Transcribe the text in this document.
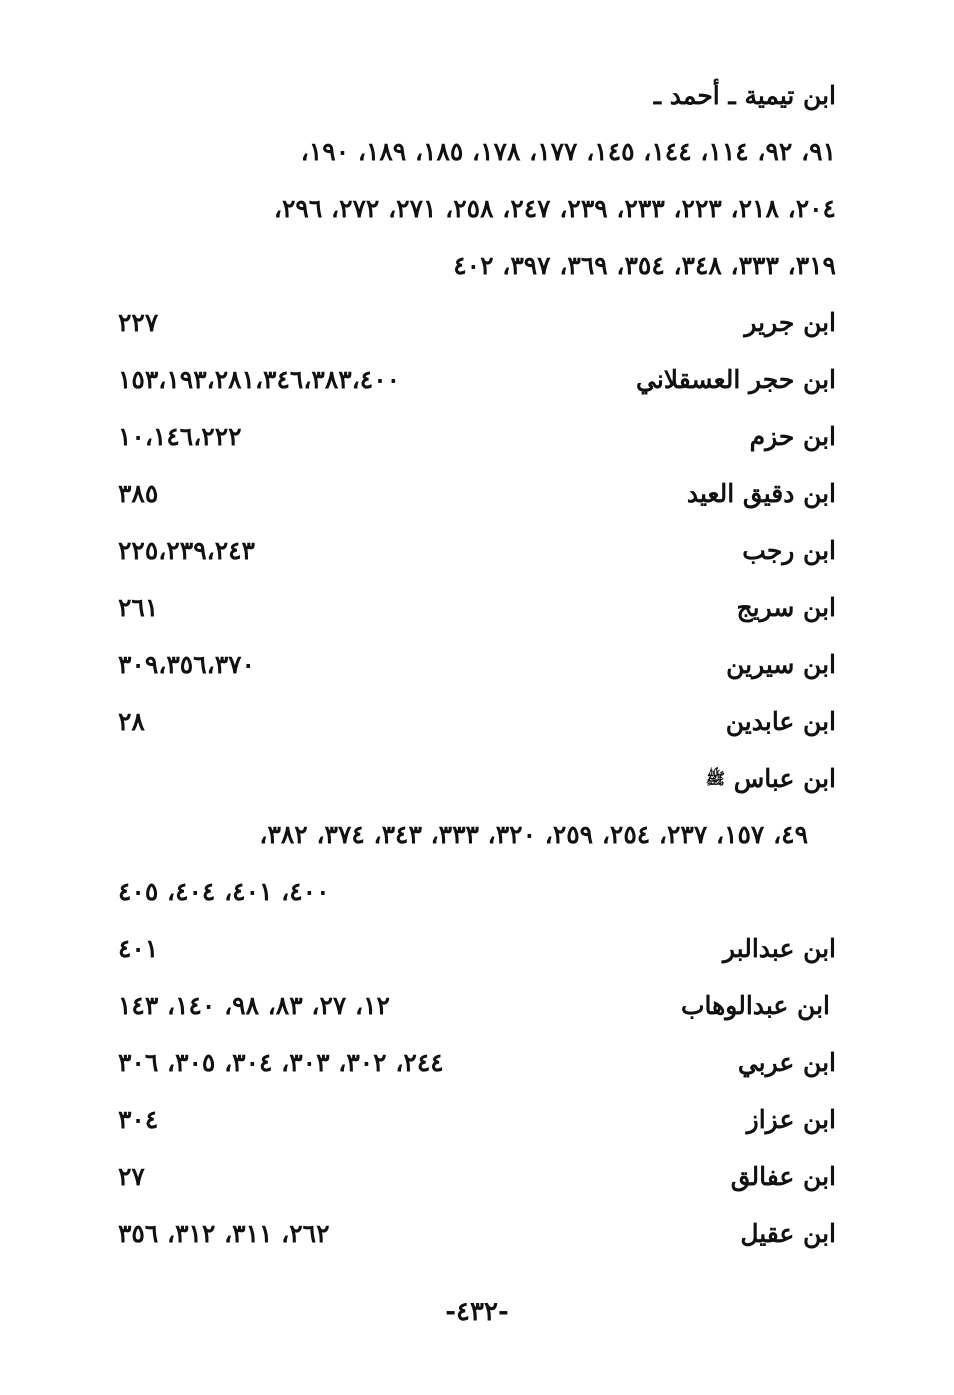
ابن تيمية ـ أحمد ـ
٩١، ٩٢، ١١٤، ١٤٤، ١٤٥، ١٧٧، ١٧٨، ١٨٥، ١٨٩، ١٩٠،
٢٠٤، ٢١٨، ٢٢٣، ٢٣٣، ٢٣٩، ٢٤٧، ٢٥٨، ٢٧١، ٢٧٢، ٢٩٦،
٣١٩، ٣٣٣، ٣٤٨، ٣٥٤، ٣٦٩، ٣٩٧، ٤٠٢
ابن جرير
٢٢٧
ابن حجر العسقلاني
١٥٣،١٩٣،٢٨١،٣٤٦،٣٨٣،٤٠٠
ابن حزم
١٠،١٤٦،٢٢٢
ابن دقيق العيد
٣٨٥
ابن رجب
٢٢٥،٢٣٩،٢٤٣
ابن سريج
٢٦١
ابن سيرين
٣٠٩،٣٥٦،٣٧٠
ابن عابدين
٢٨
ابن عباس $^ﷺ$
٤٩، ١٥٧، ٢٣٧، ٢٥٤، ٢٥٩، ٣٢٠، ٣٣٣، ٣٤٣، ٣٧٤، ٣٨٢،
٤٠٠، ٤٠١، ٤٠٤، ٤٠٥
ابن عبدالبر
٤٠١
ابن عبدالوهاب
١٢، ٢٧، ٨٣، ٩٨، ١٤٠، ١٤٣
ابن عربي
٢٤٤، ٣٠٢، ٣٠٣، ٣٠٤، ٣٠٥، ٣٠٦
ابن عزاز
٣٠٤
ابن عفالق
٢٧
ابن عقيل
٢٦٢، ٣١١، ٣١٢، ٣٥٦
-٤٣٢-
